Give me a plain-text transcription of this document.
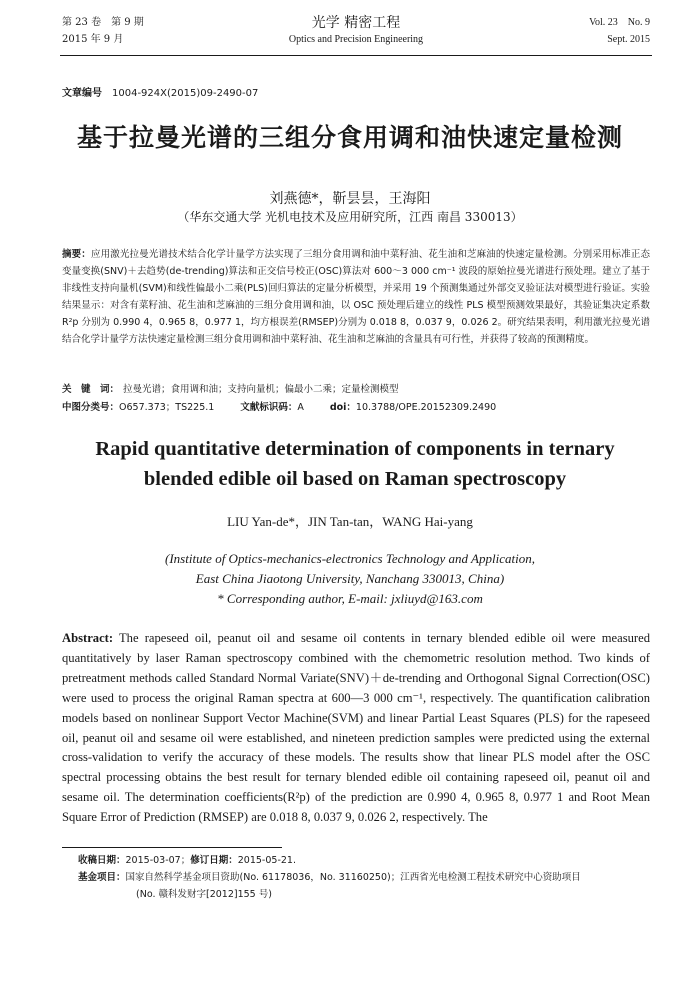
第 23 卷　第 9 期
2015 年 9 月
光学 精密工程
Optics and Precision Engineering
Vol. 23　No. 9
Sept. 2015
文章编号 1004-924X(2015)09-2490-07
基于拉曼光谱的三组分食用调和油快速定量检测
刘燕德*，靳昙昙，王海阳
（华东交通大学 光机电技术及应用研究所，江西 南昌 330013）
摘要：应用激光拉曼光谱技术结合化学计量学方法实现了三组分食用调和油中菜籽油、花生油和芝麻油的快速定量检测。分别采用标准正态变量变换(SNV)＋去趋势(de-trending)算法和正交信号校正(OSC)算法对 600～3 000 cm⁻¹ 波段的原始拉曼光谱进行预处理。建立了基于非线性支持向量机(SVM)和线性偏最小二乘(PLS)回归算法的定量分析模型，并采用 19 个预测集通过外部交叉验证法对模型进行验证。实验结果显示：对含有菜籽油、花生油和芝麻油的三组分食用调和油，以 OSC 预处理后建立的线性 PLS 模型预测效果最好，其验证集决定系数 R²p 分别为 0.990 4，0.965 8，0.977 1，均方根误差(RMSEP)分别为 0.018 8，0.037 9，0.026 2。研究结果表明，利用激光拉曼光谱结合化学计量学方法快速定量检测三组分食用调和油中菜籽油、花生油和芝麻油的含量具有可行性，并获得了较高的预测精度。
关　键　词： 拉曼光谱；食用调和油；支持向量机；偏最小二乘；定量检测模型
中图分类号：O657.373；TS225.1	文献标识码：A	doi：10.3788/OPE.20152309.2490
Rapid quantitative determination of components in ternary blended edible oil based on Raman spectroscopy
LIU Yan-de*，JIN Tan-tan，WANG Hai-yang
(Institute of Optics-mechanics-electronics Technology and Application,
East China Jiaotong University, Nanchang 330013, China)
* Corresponding author, E-mail: jxliuyd@163.com
Abstract: The rapeseed oil, peanut oil and sesame oil contents in ternary blended edible oil were measured quantitatively by laser Raman spectroscopy combined with the chemometric resolution method. Two kinds of pretreatment methods called Standard Normal Variate(SNV)＋de-trending and Orthogonal Signal Correction(OSC) were used to process the original Raman spectra at 600—3 000 cm⁻¹, respectively. The quantification calibration models based on nonlinear Support Vector Machine(SVM) and linear Partial Least Squares (PLS) for the rapeseed oil, peanut oil and sesame oil were established, and nineteen prediction samples were predicted using the external cross-validation to verify the accuracy of these models. The results show that linear PLS model after the OSC spectral processing obtains the best result for ternary blended edible oil containing rapeseed oil, peanut oil and sesame oil. The determination coefficients(R²p) of the prediction are 0.990 4, 0.965 8, 0.977 1 and Root Mean Square Error of Prediction (RMSEP) are 0.018 8, 0.037 9, 0.026 2, respectively. The
收稿日期：2015-03-07；修订日期：2015-05-21.
基金项目：国家自然科学基金项目资助(No. 61178036，No. 31160250)；江西省光电检测工程技术研究中心资助项目
(No. 赣科发财字[2012]155 号)
